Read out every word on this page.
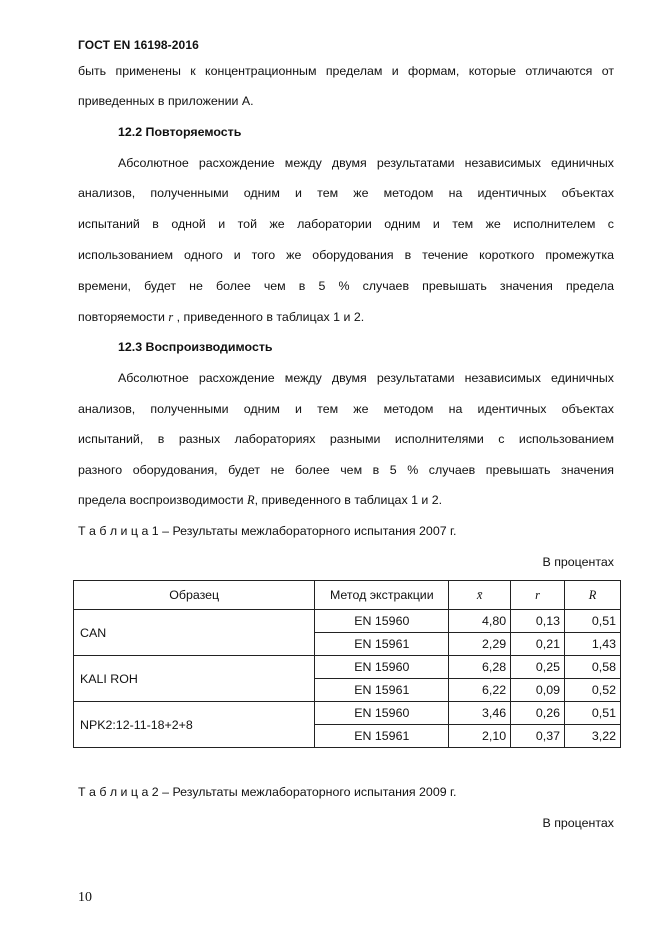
ГОСТ EN 16198-2016
быть применены к концентрационным пределам и формам, которые отличаются от
приведенных в приложении А.
12.2 Повторяемость
Абсолютное расхождение между двумя результатами независимых единичных
анализов, полученными одним и тем же методом на идентичных объектах
испытаний в одной и той же лаборатории одним и тем же исполнителем с
использованием одного и того же оборудования в течение короткого промежутка
времени, будет не более чем в 5 % случаев превышать значения предела
повторяемости r , приведенного в таблицах 1 и 2.
12.3 Воспроизводимость
Абсолютное расхождение между двумя результатами независимых единичных
анализов, полученными одним и тем же методом на идентичных объектах
испытаний, в разных лабораториях разными исполнителями с использованием
разного оборудования, будет не более чем в 5 % случаев превышать значения
предела воспроизводимости R, приведенного в таблицах 1 и 2.
Т а б л и ц а 1 – Результаты межлабораторного испытания 2007 г.
В процентах
Образец	Метод экстракции	x̄	r	R
CAN	EN 15960	4,80	0,13	0,51
	EN 15961	2,29	0,21	1,43
KALI ROH	EN 15960	6,28	0,25	0,58
	EN 15961	6,22	0,09	0,52
NPK2:12-11-18+2+8	EN 15960	3,46	0,26	0,51
	EN 15961	2,10	0,37	3,22
Т а б л и ц а 2 – Результаты межлабораторного испытания 2009 г.
В процентах
10
